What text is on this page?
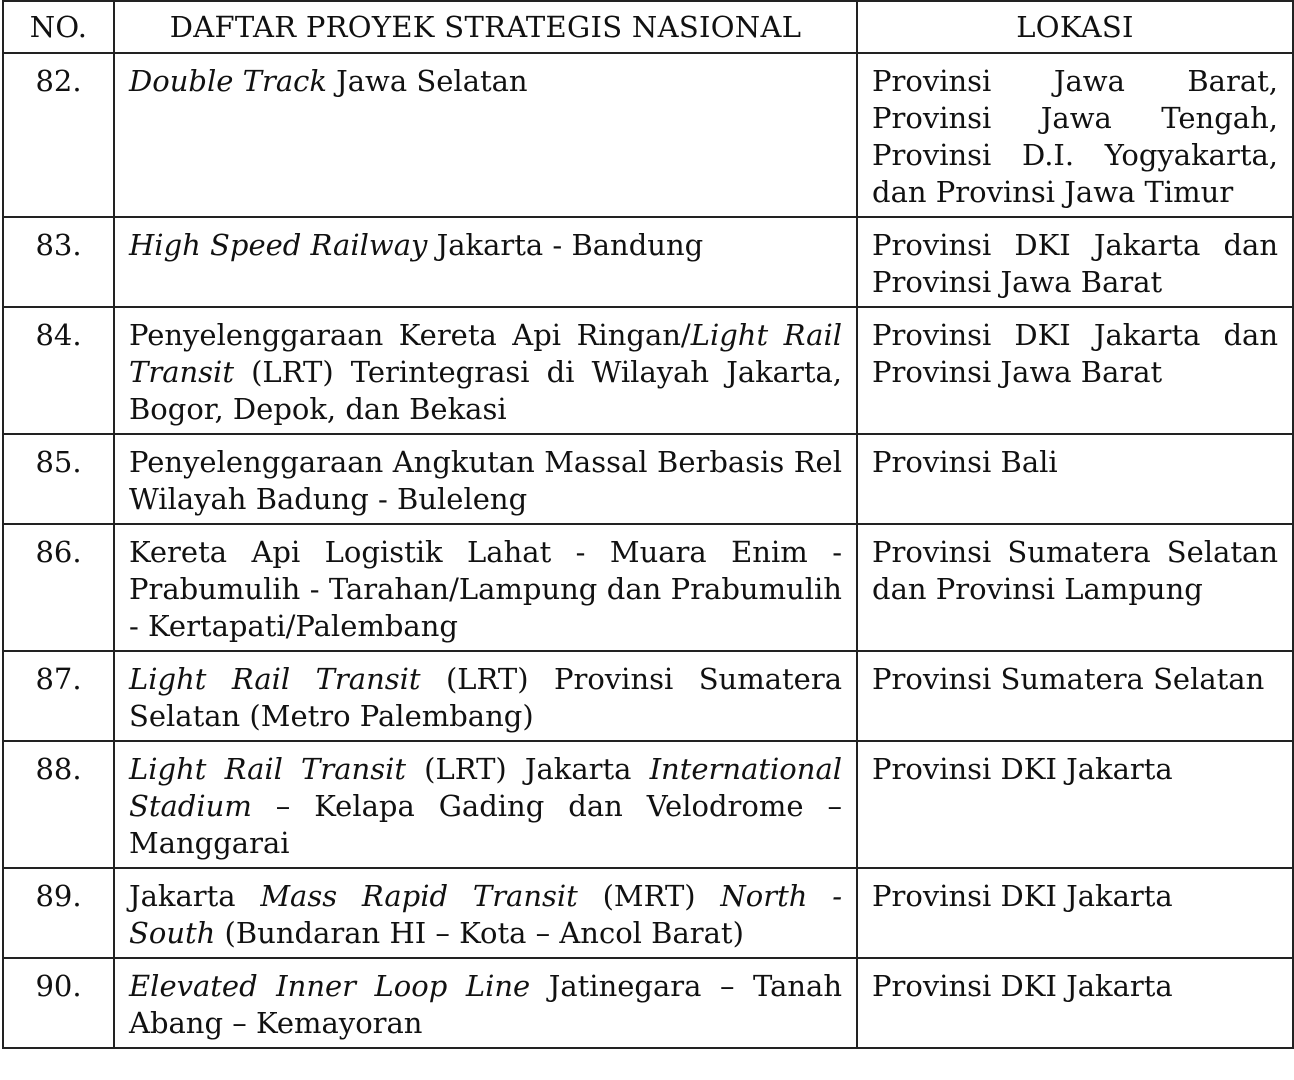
NO.	DAFTAR PROYEK STRATEGIS NASIONAL	LOKASI
82.	Double Track Jawa Selatan	Provinsi Jawa Barat, Provinsi Jawa Tengah, Provinsi D.I. Yogyakarta, dan Provinsi Jawa Timur
83.	High Speed Railway Jakarta - Bandung	Provinsi DKI Jakarta dan Provinsi Jawa Barat
84.	Penyelenggaraan Kereta Api Ringan/Light Rail Transit (LRT) Terintegrasi di Wilayah Jakarta, Bogor, Depok, dan Bekasi	Provinsi DKI Jakarta dan Provinsi Jawa Barat
85.	Penyelenggaraan Angkutan Massal Berbasis Rel Wilayah Badung - Buleleng	Provinsi Bali
86.	Kereta Api Logistik Lahat - Muara Enim - Prabumulih - Tarahan/Lampung dan Prabumulih - Kertapati/Palembang	Provinsi Sumatera Selatan dan Provinsi Lampung
87.	Light Rail Transit (LRT) Provinsi Sumatera Selatan (Metro Palembang)	Provinsi Sumatera Selatan
88.	Light Rail Transit (LRT) Jakarta International Stadium – Kelapa Gading dan Velodrome – Manggarai	Provinsi DKI Jakarta
89.	Jakarta Mass Rapid Transit (MRT) North - South (Bundaran HI – Kota – Ancol Barat)	Provinsi DKI Jakarta
90.	Elevated Inner Loop Line Jatinegara – Tanah Abang – Kemayoran	Provinsi DKI Jakarta
